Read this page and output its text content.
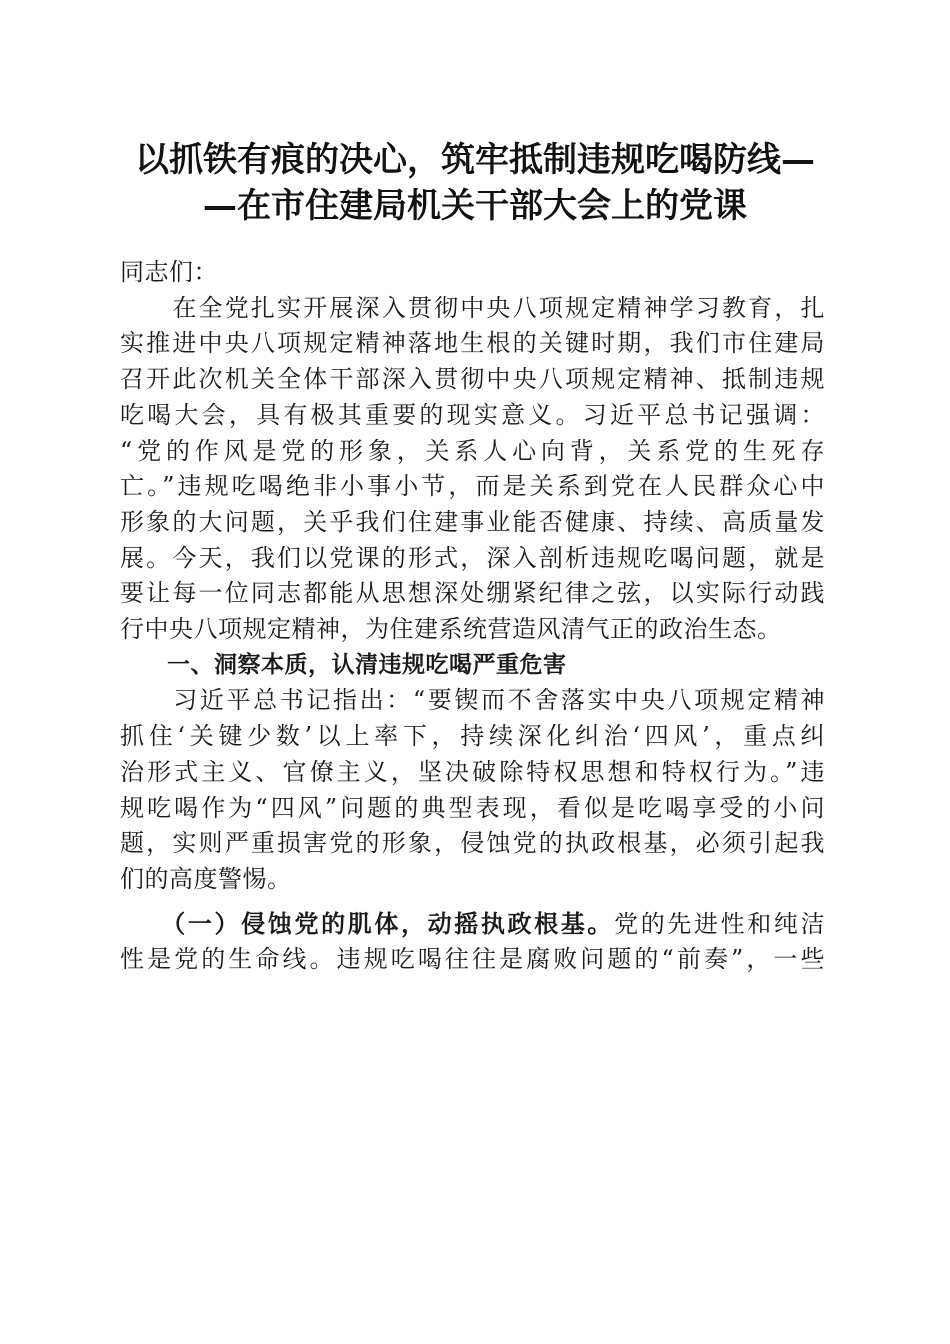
以抓铁有痕的决心，筑牢抵制违规吃喝防线—
—在市住建局机关干部大会上的党课

同志们：

　　在全党扎实开展深入贯彻中央八项规定精神学习教育，扎
实推进中央八项规定精神落地生根的关键时期，我们市住建局
召开此次机关全体干部深入贯彻中央八项规定精神、抵制违规
吃喝大会，具有极其重要的现实意义。习近平总书记强调：
“党的作风是党的形象，关系人心向背，关系党的生死存
亡。”违规吃喝绝非小事小节，而是关系到党在人民群众心中
形象的大问题，关乎我们住建事业能否健康、持续、高质量发
展。今天，我们以党课的形式，深入剖析违规吃喝问题，就是
要让每一位同志都能从思想深处绷紧纪律之弦，以实际行动践
行中央八项规定精神，为住建系统营造风清气正的政治生态。

　　一、洞察本质，认清违规吃喝严重危害

　　习近平总书记指出：“要锲而不舍落实中央八项规定精神
抓住‘关键少数’以上率下，持续深化纠治‘四风’，重点纠
治形式主义、官僚主义，坚决破除特权思想和特权行为。”违
规吃喝作为“四风”问题的典型表现，看似是吃喝享受的小问
题，实则严重损害党的形象，侵蚀党的执政根基，必须引起我
们的高度警惕。

　　（一）侵蚀党的肌体，动摇执政根基。党的先进性和纯洁
性是党的生命线。违规吃喝往往是腐败问题的“前奏”，一些
